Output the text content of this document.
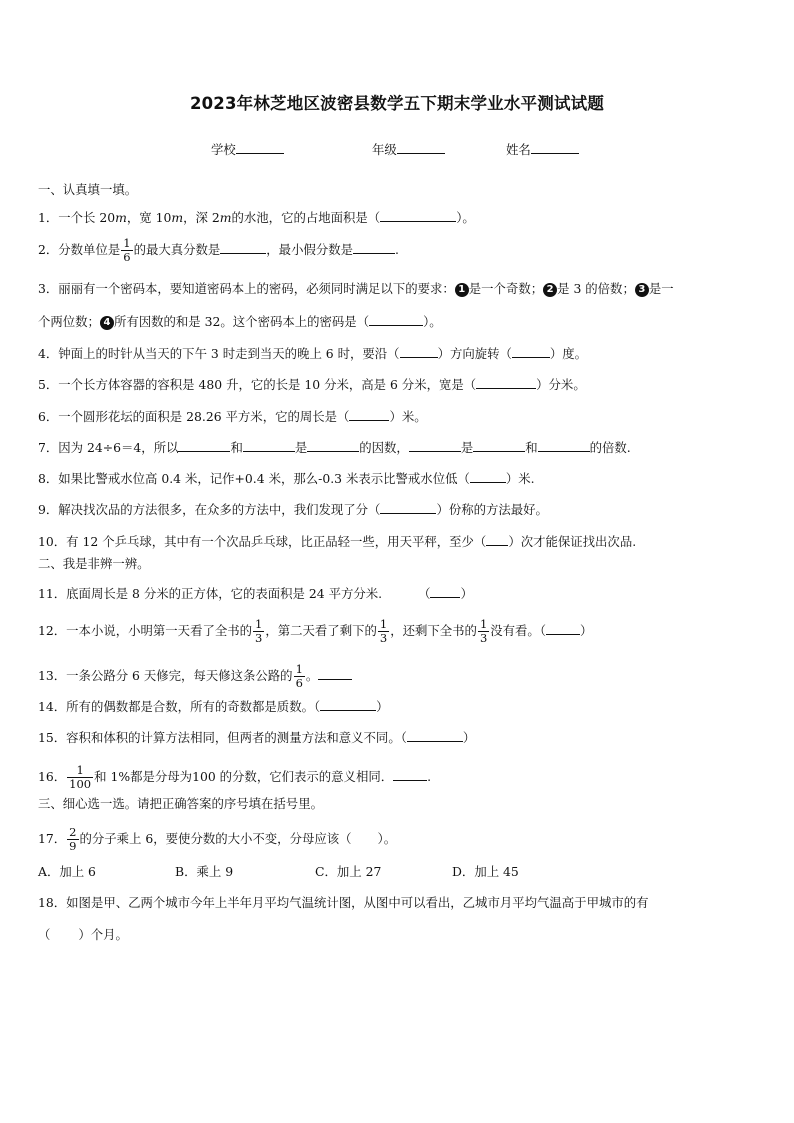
2023年林芝地区波密县数学五下期末学业水平测试试题
学校	年级	姓名
一、认真填一填。
1．一个长 20m，宽 10m，深 2m的水池，它的占地面积是（	）。
2．分数单位是 $\frac{1}{6}$ 的最大真分数是	，最小假分数是	.
3．丽丽有一个密码本，要知道密码本上的密码，必须同时满足以下的要求： 1 是一个奇数； 2 是 3 的倍数； 3 是一
个两位数； 4 所有因数的和是 32。这个密码本上的密码是（	）。
4．钟面上的时针从当天的下午 3 时走到当天的晚上 6 时，要沿（	）方向旋转（	）度。
5．一个长方体容器的容积是 480 升，它的长是 10 分米，高是 6 分米，宽是（	）分米。
6．一个圆形花坛的面积是 28.26 平方米，它的周长是（	）米。
7．因为 24÷6＝4，所以	和	是	的因数，	是	和	的倍数.
8．如果比警戒水位高 0.4 米，记作+0.4 米，那么-0.3 米表示比警戒水位低（	）米.
9．解决找次品的方法很多，在众多的方法中，我们发现了分（	）份称的方法最好。
10．有 12 个乒乓球，其中有一个次品乒乓球，比正品轻一些，用天平秤，至少（ ）次才能保证找出次品.
二、我是非辨一辨。
11．底面周长是 8 分米的正方体，它的表面积是 24 平方分米.	（ ）
12．一本小说，小明第一天看了全书的 $\frac{1}{3}$ ，第二天看了剩下的 $\frac{1}{3}$ ，还剩下全书的 $\frac{1}{3}$ 没有看。（	）
13．一条公路分 6 天修完，每天修这条公路的 $\frac{1}{6}$ 。
14．所有的偶数都是合数，所有的奇数都是质数。（	）
15．容积和体积的计算方法相同，但两者的测量方法和意义不同。（	）
16． $\frac{1}{100}$ 和 1%都是分母为100 的分数，它们表示的意义相同．	.
三、细心选一选。请把正确答案的序号填在括号里。
17． $\frac{2}{9}$ 的分子乘上 6，要使分数的大小不变，分母应该（ ）。
A．加上 6	B．乘上 9	C．加上 27	D．加上 45
18．如图是甲、乙两个城市今年上半年月平均气温统计图，从图中可以看出，乙城市月平均气温高于甲城市的有
（ ）个月。
